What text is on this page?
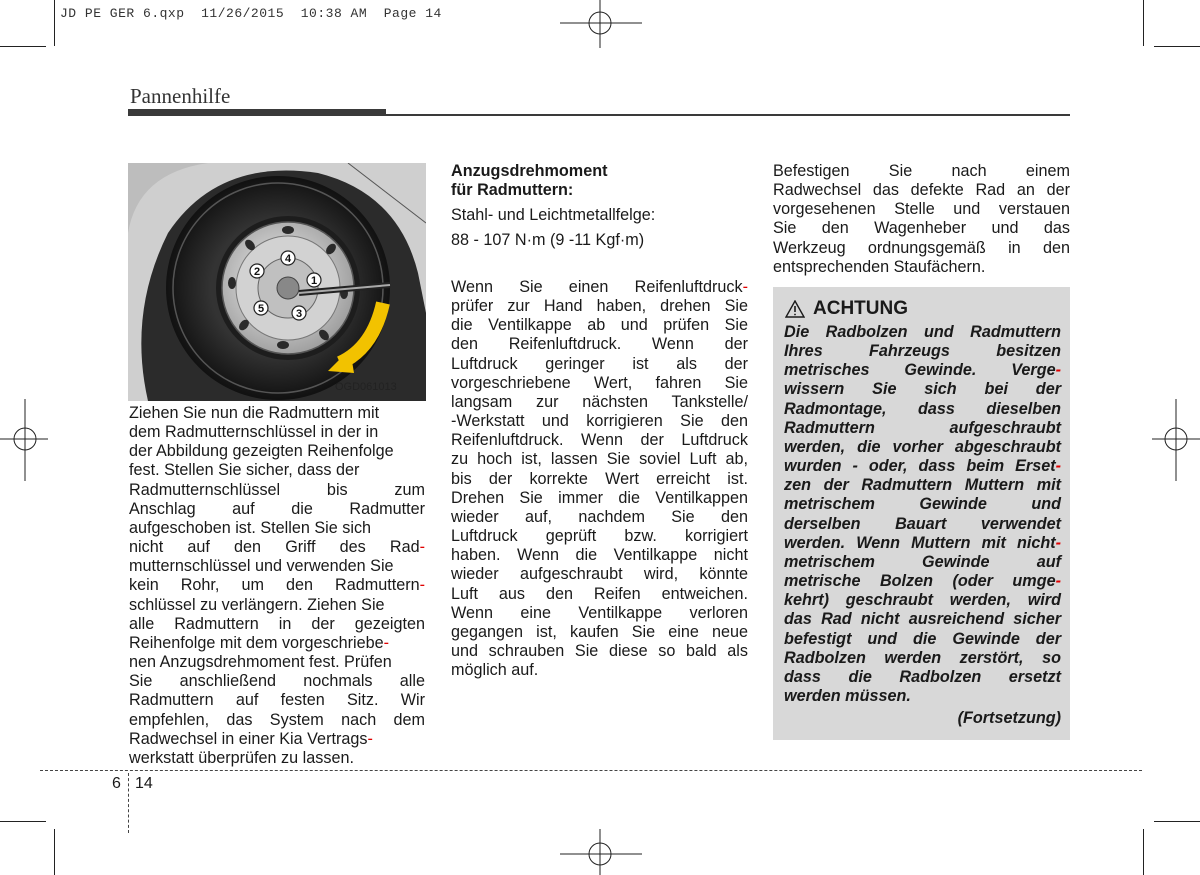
JD PE GER 6.qxp  11/26/2015  10:38 AM  Page 14
Pannenhilfe
1
2
3
4
5
OGD061013
Ziehen Sie nun die Radmuttern mit
dem Radmutternschlüssel in der in
der Abbildung gezeigten Reihenfolge
fest. Stellen Sie sicher, dass der
Radmutternschlüssel bis zum
Anschlag auf die Radmutter
aufgeschoben ist. Stellen Sie sich
nicht auf den Griff des Rad-
mutternschlüssel und verwenden Sie
kein Rohr, um den Radmuttern-
schlüssel zu verlängern. Ziehen Sie
alle Radmuttern in der gezeigten
Reihenfolge mit dem vorgeschriebe-
nen Anzugsdrehmoment fest. Prüfen
Sie anschließend nochmals alle
Radmuttern auf festen Sitz. Wir
empfehlen, das System nach dem
Radwechsel in einer Kia Vertrags-
werkstatt überprüfen zu lassen.
Anzugsdrehmoment
für Radmuttern:
Stahl- und Leichtmetallfelge:
88 - 107 N·m (9 -11 Kgf·m)
Wenn Sie einen Reifenluftdruck-
prüfer zur Hand haben, drehen Sie
die Ventilkappe ab und prüfen Sie
den Reifenluftdruck. Wenn der
Luftdruck geringer ist als der
vorgeschriebene Wert, fahren Sie
langsam zur nächsten Tankstelle/
-Werkstatt und korrigieren Sie den
Reifenluftdruck. Wenn der Luftdruck
zu hoch ist, lassen Sie soviel Luft ab,
bis der korrekte Wert erreicht ist.
Drehen Sie immer die Ventilkappen
wieder auf, nachdem Sie den
Luftdruck geprüft bzw. korrigiert
haben. Wenn die Ventilkappe nicht
wieder aufgeschraubt wird, könnte
Luft aus den Reifen entweichen.
Wenn eine Ventilkappe verloren
gegangen ist, kaufen Sie eine neue
und schrauben Sie diese so bald als
möglich auf.
Befestigen Sie nach einem
Radwechsel das defekte Rad an der
vorgesehenen Stelle und verstauen
Sie den Wagenheber und das
Werkzeug ordnungsgemäß in den
entsprechenden Staufächern.
ACHTUNG
Die Radbolzen und Radmuttern
Ihres Fahrzeugs besitzen
metrisches Gewinde. Verge-
wissern Sie sich bei der
Radmontage, dass dieselben
Radmuttern aufgeschraubt
werden, die vorher abgeschraubt
wurden - oder, dass beim Erset-
zen der Radmuttern Muttern mit
metrischem Gewinde und
derselben Bauart verwendet
werden. Wenn Muttern mit nicht-
metrischem Gewinde auf
metrische Bolzen (oder umge-
kehrt) geschraubt werden, wird
das Rad nicht ausreichend sicher
befestigt und die Gewinde der
Radbolzen werden zerstört, so
dass die Radbolzen ersetzt
werden müssen.
(Fortsetzung)
6 14
